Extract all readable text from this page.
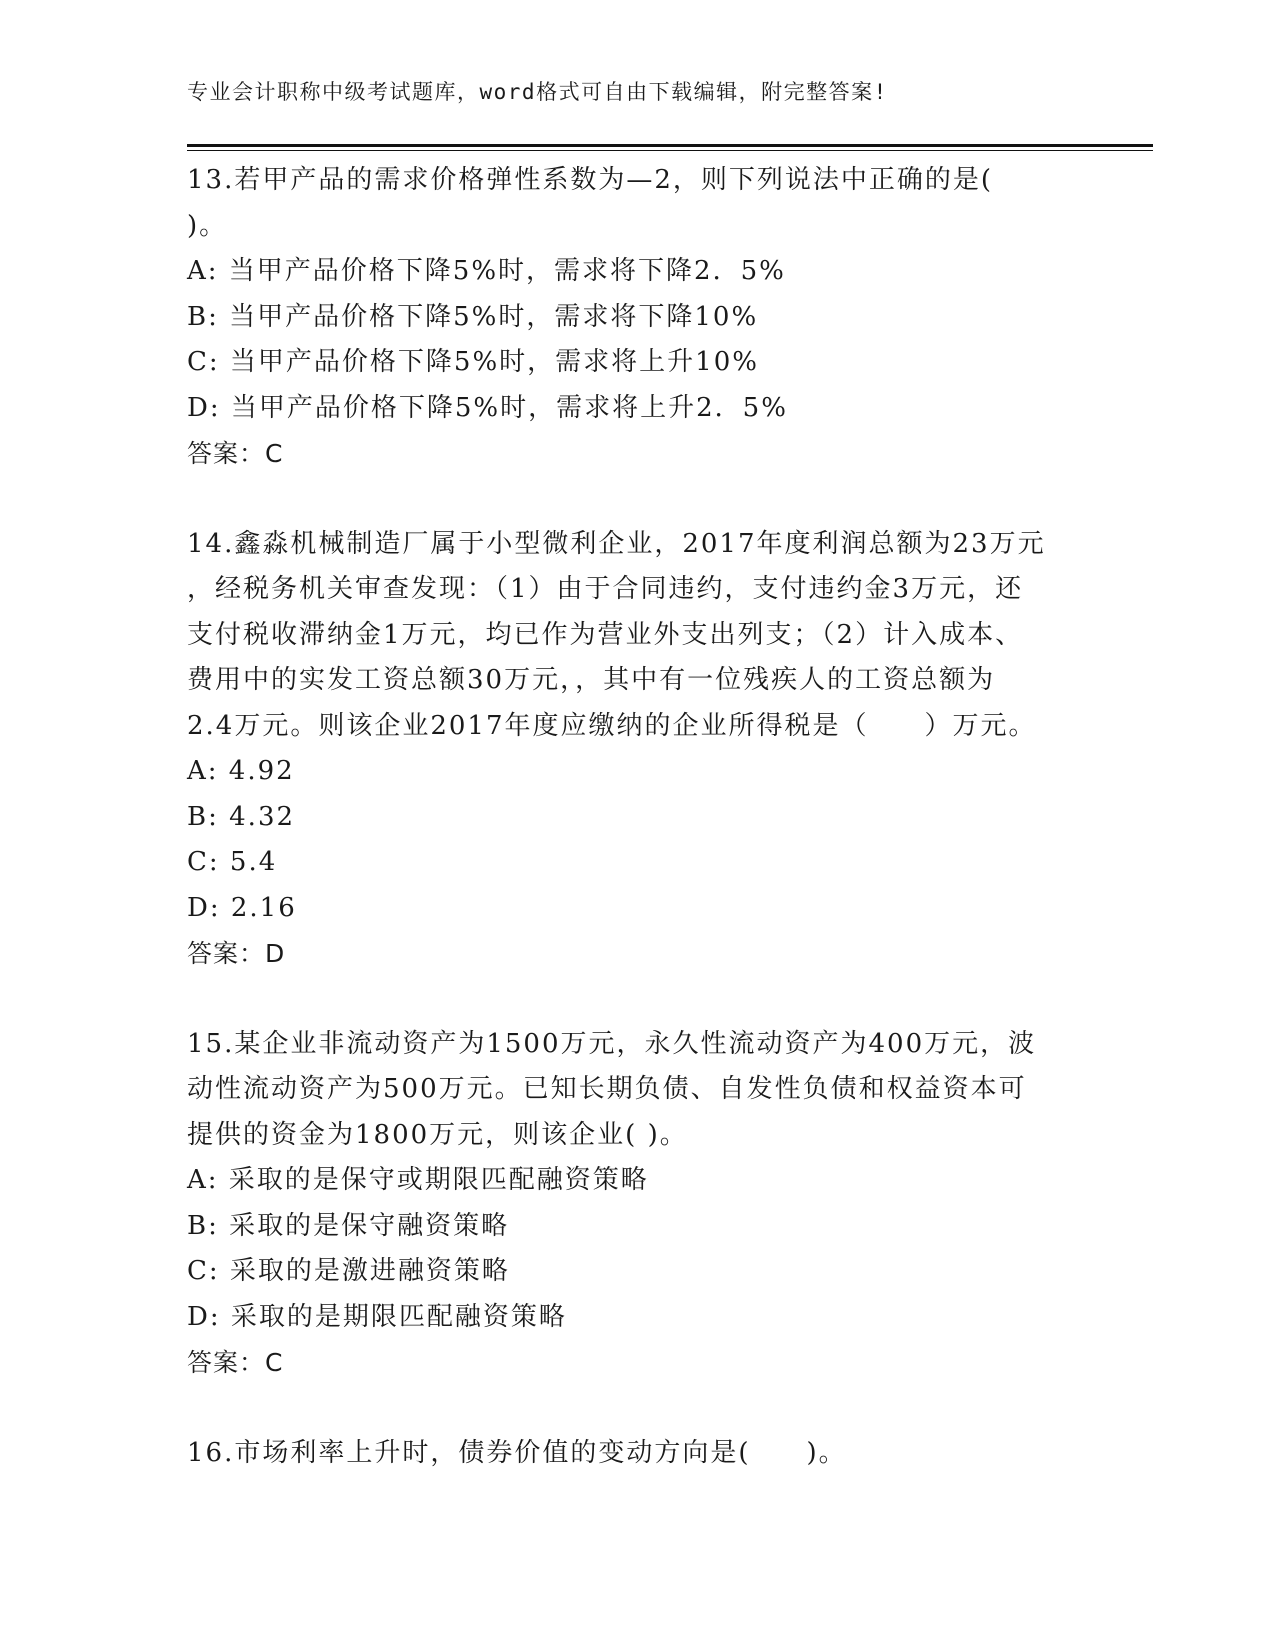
专业会计职称中级考试题库，word格式可自由下载编辑，附完整答案!
13.若甲产品的需求价格弹性系数为—2，则下列说法中正确的是(
)。
A: 当甲产品价格下降5%时，需求将下降2．5%
B: 当甲产品价格下降5%时，需求将下降10%
C: 当甲产品价格下降5%时，需求将上升10%
D: 当甲产品价格下降5%时，需求将上升2．5%
答案：C
14.鑫淼机械制造厂属于小型微利企业，2017年度利润总额为23万元
，经税务机关审查发现：（1）由于合同违约，支付违约金3万元，还
支付税收滞纳金1万元，均已作为营业外支出列支；（2）计入成本、
费用中的实发工资总额30万元，，其中有一位残疾人的工资总额为
2.4万元。则该企业2017年度应缴纳的企业所得税是（　　）万元。
A: 4.92
B: 4.32
C: 5.4
D: 2.16
答案：D
15.某企业非流动资产为1500万元，永久性流动资产为400万元，波
动性流动资产为500万元。已知长期负债、自发性负债和权益资本可
提供的资金为1800万元，则该企业( )。
A: 采取的是保守或期限匹配融资策略
B: 采取的是保守融资策略
C: 采取的是激进融资策略
D: 采取的是期限匹配融资策略
答案：C
16.市场利率上升时，债券价值的变动方向是(　　)。
